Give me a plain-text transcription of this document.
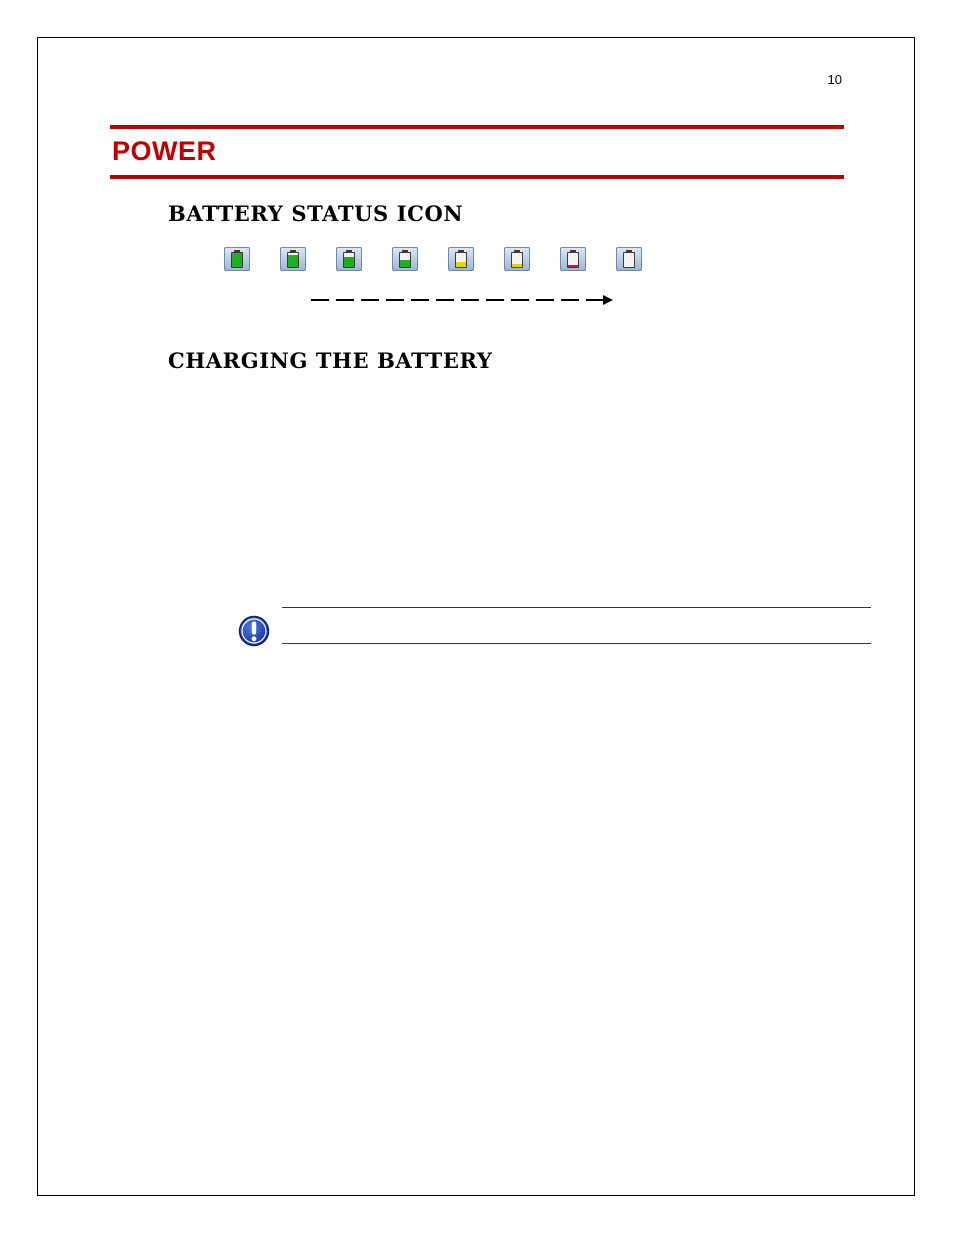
10
POWER
BATTERY STATUS ICON
CHARGING THE BATTERY
